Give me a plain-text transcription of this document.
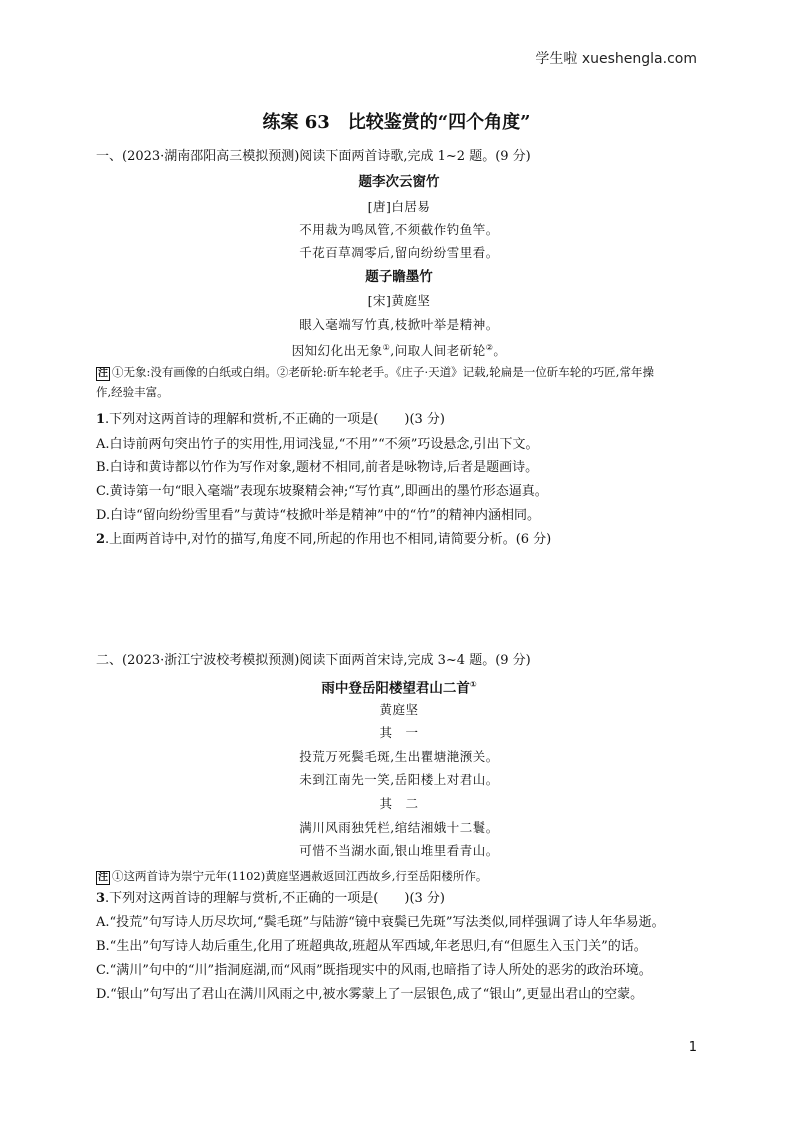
学生啦 xueshengla.com
练案 63　比较鉴赏的“四个角度”
一、(2023·湖南邵阳高三模拟预测)阅读下面两首诗歌,完成 1~2 题。(9 分)
题李次云窗竹
[唐]白居易
不用裁为鸣凤管,不须截作钓鱼竿。
千花百草凋零后,留向纷纷雪里看。
题子瞻墨竹
[宋]黄庭坚
眼入毫端写竹真,枝掀叶举是精神。
因知幻化出无象①,问取人间老斫轮②。
注 ①无象:没有画像的白纸或白绢。②老斫轮:斫车轮老手。《庄子·天道》记载,轮扁是一位斫车轮的巧匠,常年操
作,经验丰富。
1.下列对这两首诗的理解和赏析,不正确的一项是(　　)(3 分)
A.白诗前两句突出竹子的实用性,用词浅显,“不用”“不须”巧设悬念,引出下文。
B.白诗和黄诗都以竹作为写作对象,题材不相同,前者是咏物诗,后者是题画诗。
C.黄诗第一句“眼入毫端”表现东坡聚精会神;“写竹真”,即画出的墨竹形态逼真。
D.白诗“留向纷纷雪里看”与黄诗“枝掀叶举是精神”中的“竹”的精神内涵相同。
2.上面两首诗中,对竹的描写,角度不同,所起的作用也不相同,请简要分析。(6 分)
二、(2023·浙江宁波校考模拟预测)阅读下面两首宋诗,完成 3~4 题。(9 分)
雨中登岳阳楼望君山二首①
黄庭坚
其　一
投荒万死鬓毛斑,生出瞿塘滟滪关。
未到江南先一笑,岳阳楼上对君山。
其　二
满川风雨独凭栏,绾结湘娥十二鬟。
可惜不当湖水面,银山堆里看青山。
注 ①这两首诗为崇宁元年(1102)黄庭坚遇赦返回江西故乡,行至岳阳楼所作。
3.下列对这两首诗的理解与赏析,不正确的一项是(　　)(3 分)
A.“投荒”句写诗人历尽坎坷,“鬓毛斑”与陆游“镜中衰鬓已先斑”写法类似,同样强调了诗人年华易逝。
B.“生出”句写诗人劫后重生,化用了班超典故,班超从军西域,年老思归,有“但愿生入玉门关”的话。
C.“满川”句中的“川”指洞庭湖,而“风雨”既指现实中的风雨,也暗指了诗人所处的恶劣的政治环境。
D.“银山”句写出了君山在满川风雨之中,被水雾蒙上了一层银色,成了“银山”,更显出君山的空蒙。
1
